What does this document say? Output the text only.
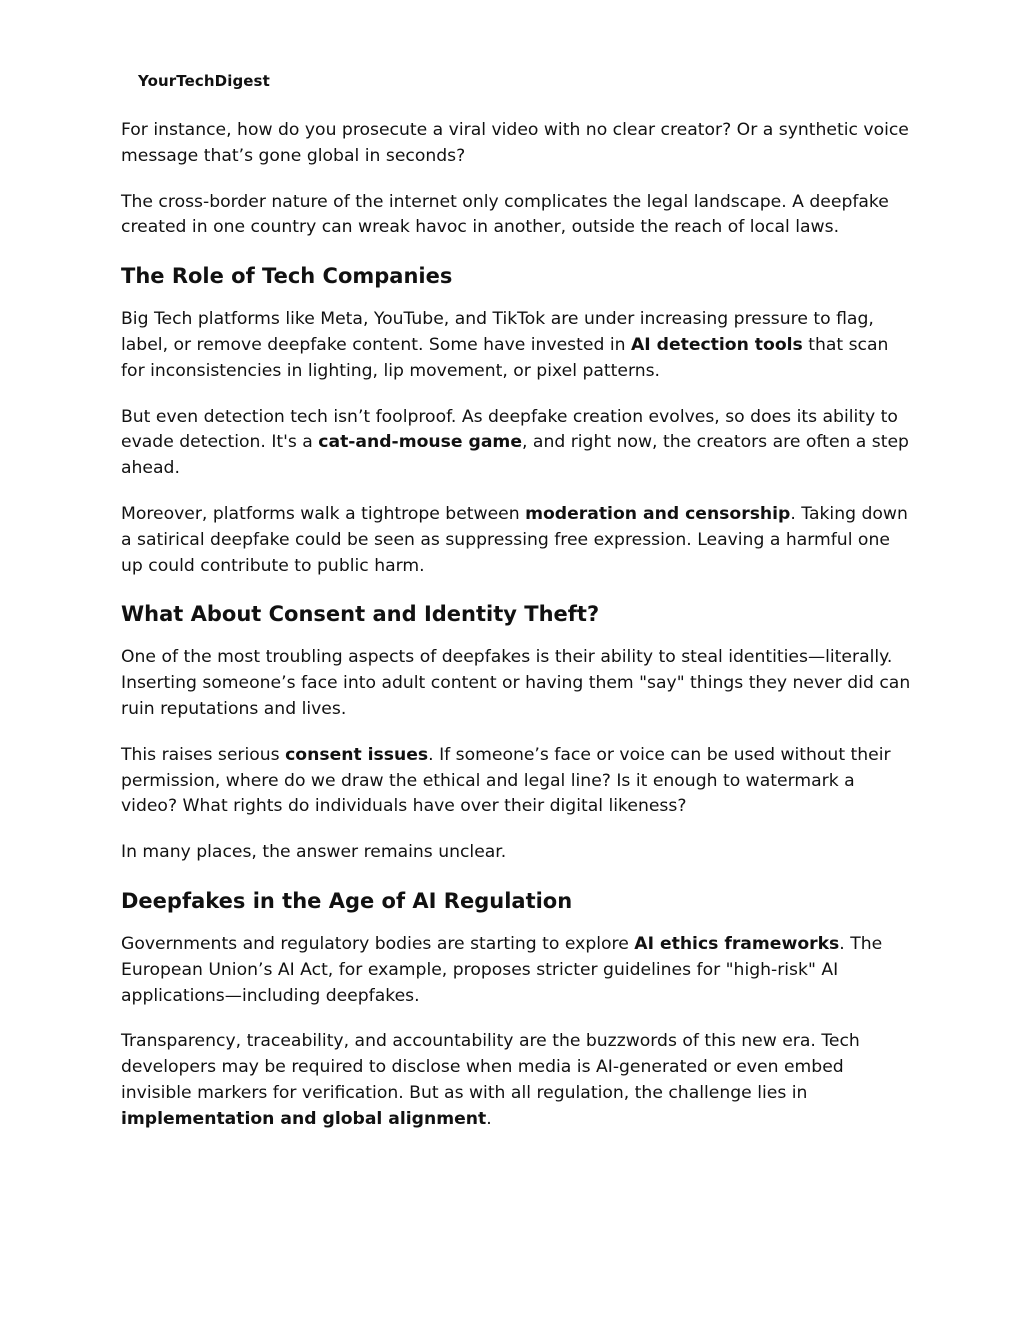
YourTechDigest

For instance, how do you prosecute a viral video with no clear creator? Or a synthetic voice message that’s gone global in seconds?

The cross-border nature of the internet only complicates the legal landscape. A deepfake created in one country can wreak havoc in another, outside the reach of local laws.

The Role of Tech Companies

Big Tech platforms like Meta, YouTube, and TikTok are under increasing pressure to flag, label, or remove deepfake content. Some have invested in AI detection tools that scan for inconsistencies in lighting, lip movement, or pixel patterns.

But even detection tech isn’t foolproof. As deepfake creation evolves, so does its ability to evade detection. It's a cat-and-mouse game, and right now, the creators are often a step ahead.

Moreover, platforms walk a tightrope between moderation and censorship. Taking down a satirical deepfake could be seen as suppressing free expression. Leaving a harmful one up could contribute to public harm.

What About Consent and Identity Theft?

One of the most troubling aspects of deepfakes is their ability to steal identities—literally. Inserting someone’s face into adult content or having them "say" things they never did can ruin reputations and lives.

This raises serious consent issues. If someone’s face or voice can be used without their permission, where do we draw the ethical and legal line? Is it enough to watermark a video? What rights do individuals have over their digital likeness?

In many places, the answer remains unclear.

Deepfakes in the Age of AI Regulation

Governments and regulatory bodies are starting to explore AI ethics frameworks. The European Union’s AI Act, for example, proposes stricter guidelines for "high-risk" AI applications—including deepfakes.

Transparency, traceability, and accountability are the buzzwords of this new era. Tech developers may be required to disclose when media is AI-generated or even embed invisible markers for verification. But as with all regulation, the challenge lies in implementation and global alignment.
